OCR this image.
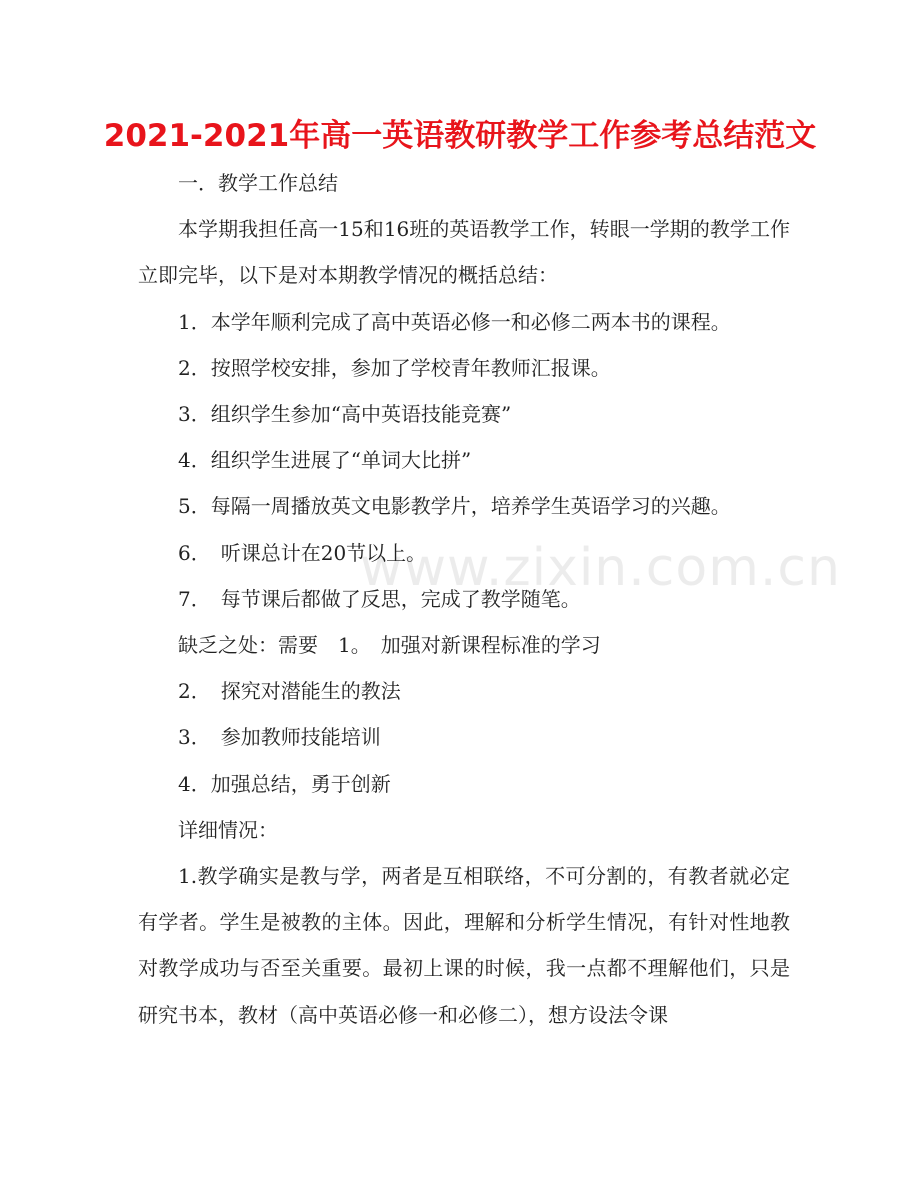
2021-2021年高一英语教研教学工作参考总结范文
www.zixin.com.cn

一．教学工作总结

本学期我担任高一15和16班的英语教学工作，转眼一学期的教学工作立即完毕，以下是对本期教学情况的概括总结：

1．本学年顺利完成了高中英语必修一和必修二两本书的课程。

2．按照学校安排，参加了学校青年教师汇报课。

3．组织学生参加“高中英语技能竞赛”

4．组织学生进展了“单词大比拼”

5．每隔一周播放英文电影教学片，培养学生英语学习的兴趣。

6．　听课总计在20节以上。

7．　每节课后都做了反思，完成了教学随笔。

缺乏之处：需要　1。　加强对新课程标准的学习

2．　探究对潜能生的教法

3．　参加教师技能培训

4．加强总结，勇于创新

详细情况：

1.教学确实是教与学，两者是互相联络，不可分割的，有教者就必定有学者。学生是被教的主体。因此，理解和分析学生情况，有针对性地教对教学成功与否至关重要。最初上课的时候，我一点都不理解他们，只是研究书本，教材（高中英语必修一和必修二），想方设法令课
